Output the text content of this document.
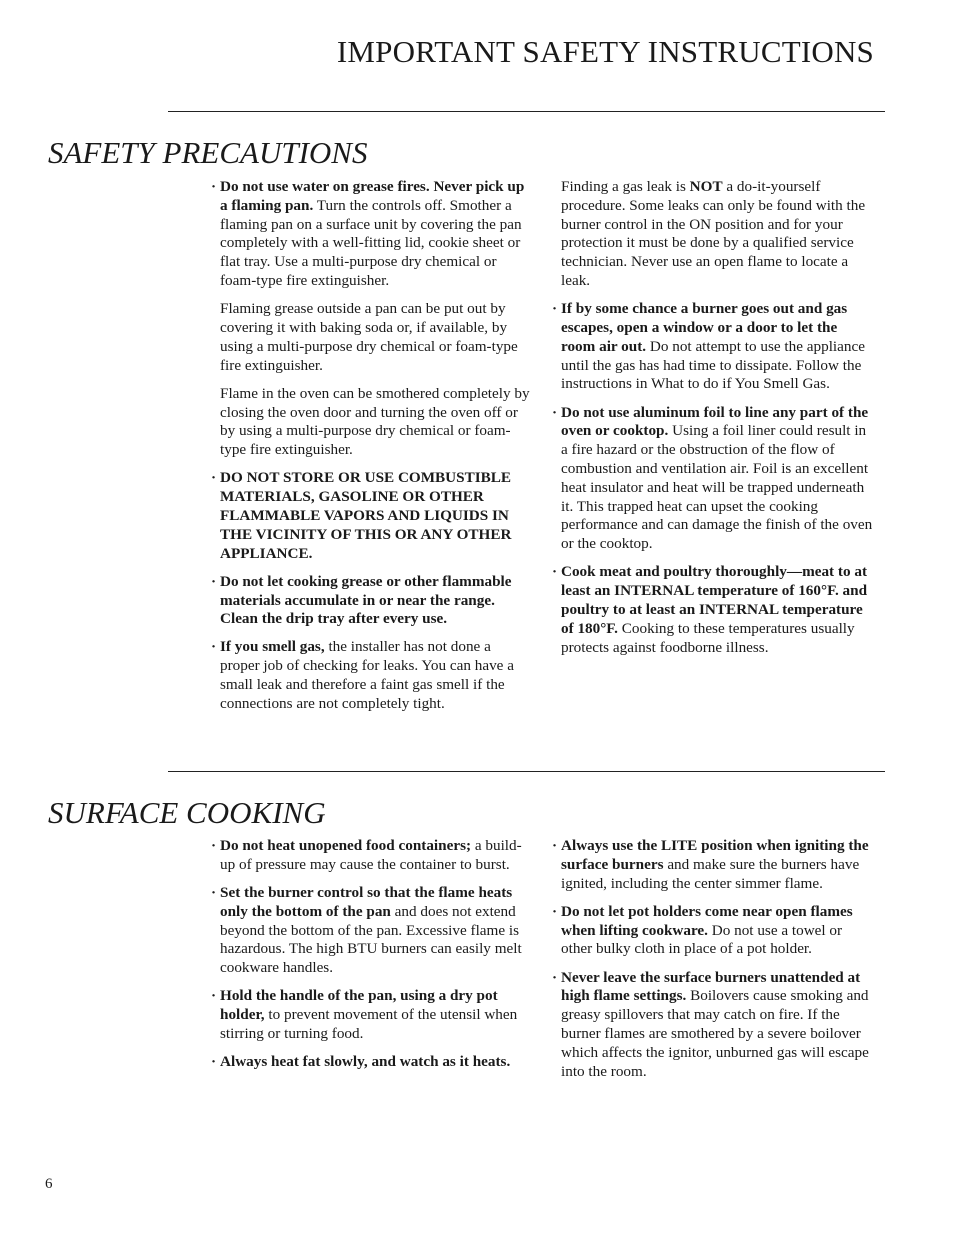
IMPORTANT SAFETY INSTRUCTIONS
SAFETY PRECAUTIONS

· Do not use water on grease fires. Never pick up a flaming pan. Turn the controls off. Smother a flaming pan on a surface unit by covering the pan completely with a well-fitting lid, cookie sheet or flat tray. Use a multi-purpose dry chemical or foam-type fire extinguisher.

Flaming grease outside a pan can be put out by covering it with baking soda or, if available, by using a multi-purpose dry chemical or foam-type fire extinguisher.

Flame in the oven can be smothered completely by closing the oven door and turning the oven off or by using a multi-purpose dry chemical or foam-type fire extinguisher.

· DO NOT STORE OR USE COMBUSTIBLE MATERIALS, GASOLINE OR OTHER FLAMMABLE VAPORS AND LIQUIDS IN THE VICINITY OF THIS OR ANY OTHER APPLIANCE.

· Do not let cooking grease or other flammable materials accumulate in or near the range. Clean the drip tray after every use.

· If you smell gas, the installer has not done a proper job of checking for leaks. You can have a small leak and therefore a faint gas smell if the connections are not completely tight.

Finding a gas leak is NOT a do-it-yourself procedure. Some leaks can only be found with the burner control in the ON position and for your protection it must be done by a qualified service technician. Never use an open flame to locate a leak.

· If by some chance a burner goes out and gas escapes, open a window or a door to let the room air out. Do not attempt to use the appliance until the gas has had time to dissipate. Follow the instructions in What to do if You Smell Gas.

· Do not use aluminum foil to line any part of the oven or cooktop. Using a foil liner could result in a fire hazard or the obstruction of the flow of combustion and ventilation air. Foil is an excellent heat insulator and heat will be trapped underneath it. This trapped heat can upset the cooking performance and can damage the finish of the oven or the cooktop.

· Cook meat and poultry thoroughly—meat to at least an INTERNAL temperature of 160°F. and poultry to at least an INTERNAL temperature of 180°F. Cooking to these temperatures usually protects against foodborne illness.

SURFACE COOKING

· Do not heat unopened food containers; a build-up of pressure may cause the container to burst.

· Set the burner control so that the flame heats only the bottom of the pan and does not extend beyond the bottom of the pan. Excessive flame is hazardous. The high BTU burners can easily melt cookware handles.

· Hold the handle of the pan, using a dry pot holder, to prevent movement of the utensil when stirring or turning food.

· Always heat fat slowly, and watch as it heats.

· Always use the LITE position when igniting the surface burners and make sure the burners have ignited, including the center simmer flame.

· Do not let pot holders come near open flames when lifting cookware. Do not use a towel or other bulky cloth in place of a pot holder.

· Never leave the surface burners unattended at high flame settings. Boilovers cause smoking and greasy spillovers that may catch on fire. If the burner flames are smothered by a severe boilover which affects the ignitor, unburned gas will escape into the room.

6
